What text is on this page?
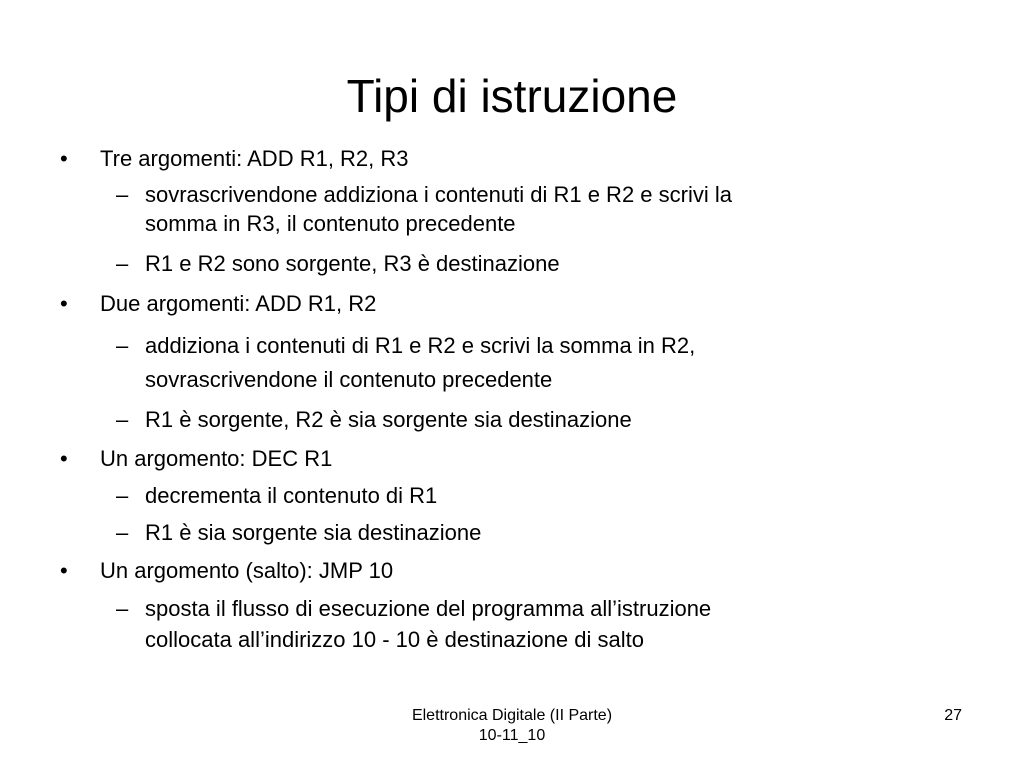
Tipi di istruzione
• Tre argomenti: ADD R1, R2, R3
– sovrascrivendone addiziona i contenuti di R1 e R2 e scrivi la
somma in R3, il contenuto precedente
– R1 e R2 sono sorgente, R3 è destinazione
• Due argomenti: ADD R1, R2
– addiziona i contenuti di R1 e R2 e scrivi la somma in R2,
sovrascrivendone il contenuto precedente
– R1 è sorgente, R2 è sia sorgente sia destinazione
• Un argomento: DEC R1
– decrementa il contenuto di R1
– R1 è sia sorgente sia destinazione
• Un argomento (salto): JMP 10
– sposta il flusso di esecuzione del programma all’istruzione
collocata all’indirizzo 10 - 10 è destinazione di salto
Elettronica Digitale (II Parte)
10-11_10
27
